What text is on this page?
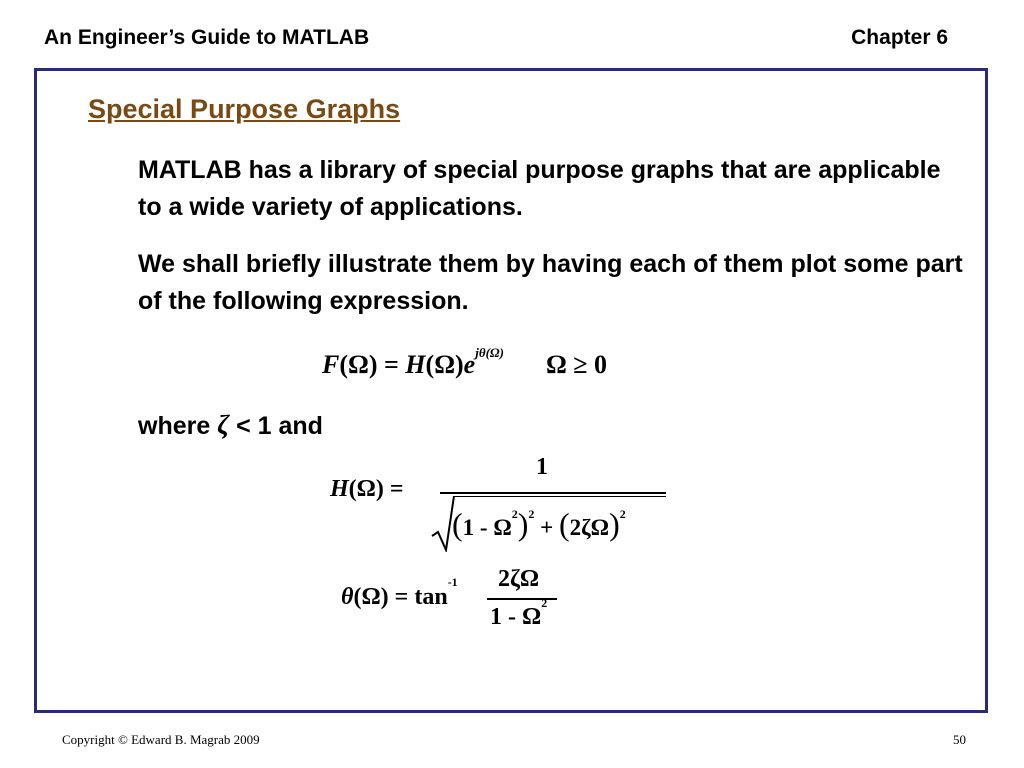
An Engineer’s Guide to MATLAB	Chapter 6
Special Purpose Graphs
MATLAB has a library of special purpose graphs that are applicable to a wide variety of applications.
We shall briefly illustrate them by having each of them plot some part of the following expression.
$F(\Omega) = H(\Omega)e^{j\theta(\Omega)}$ Ω ≥ 0
where ζ < 1 and
H(Ω) =
1
$(1 - \Omega^2)^2 + (2\zeta\Omega)^2$
$\theta(\Omega) = \tan^{-1} 2\zeta\Omega$
$1 - \Omega^2$
Copyright © Edward B. Magrab 2009	50
